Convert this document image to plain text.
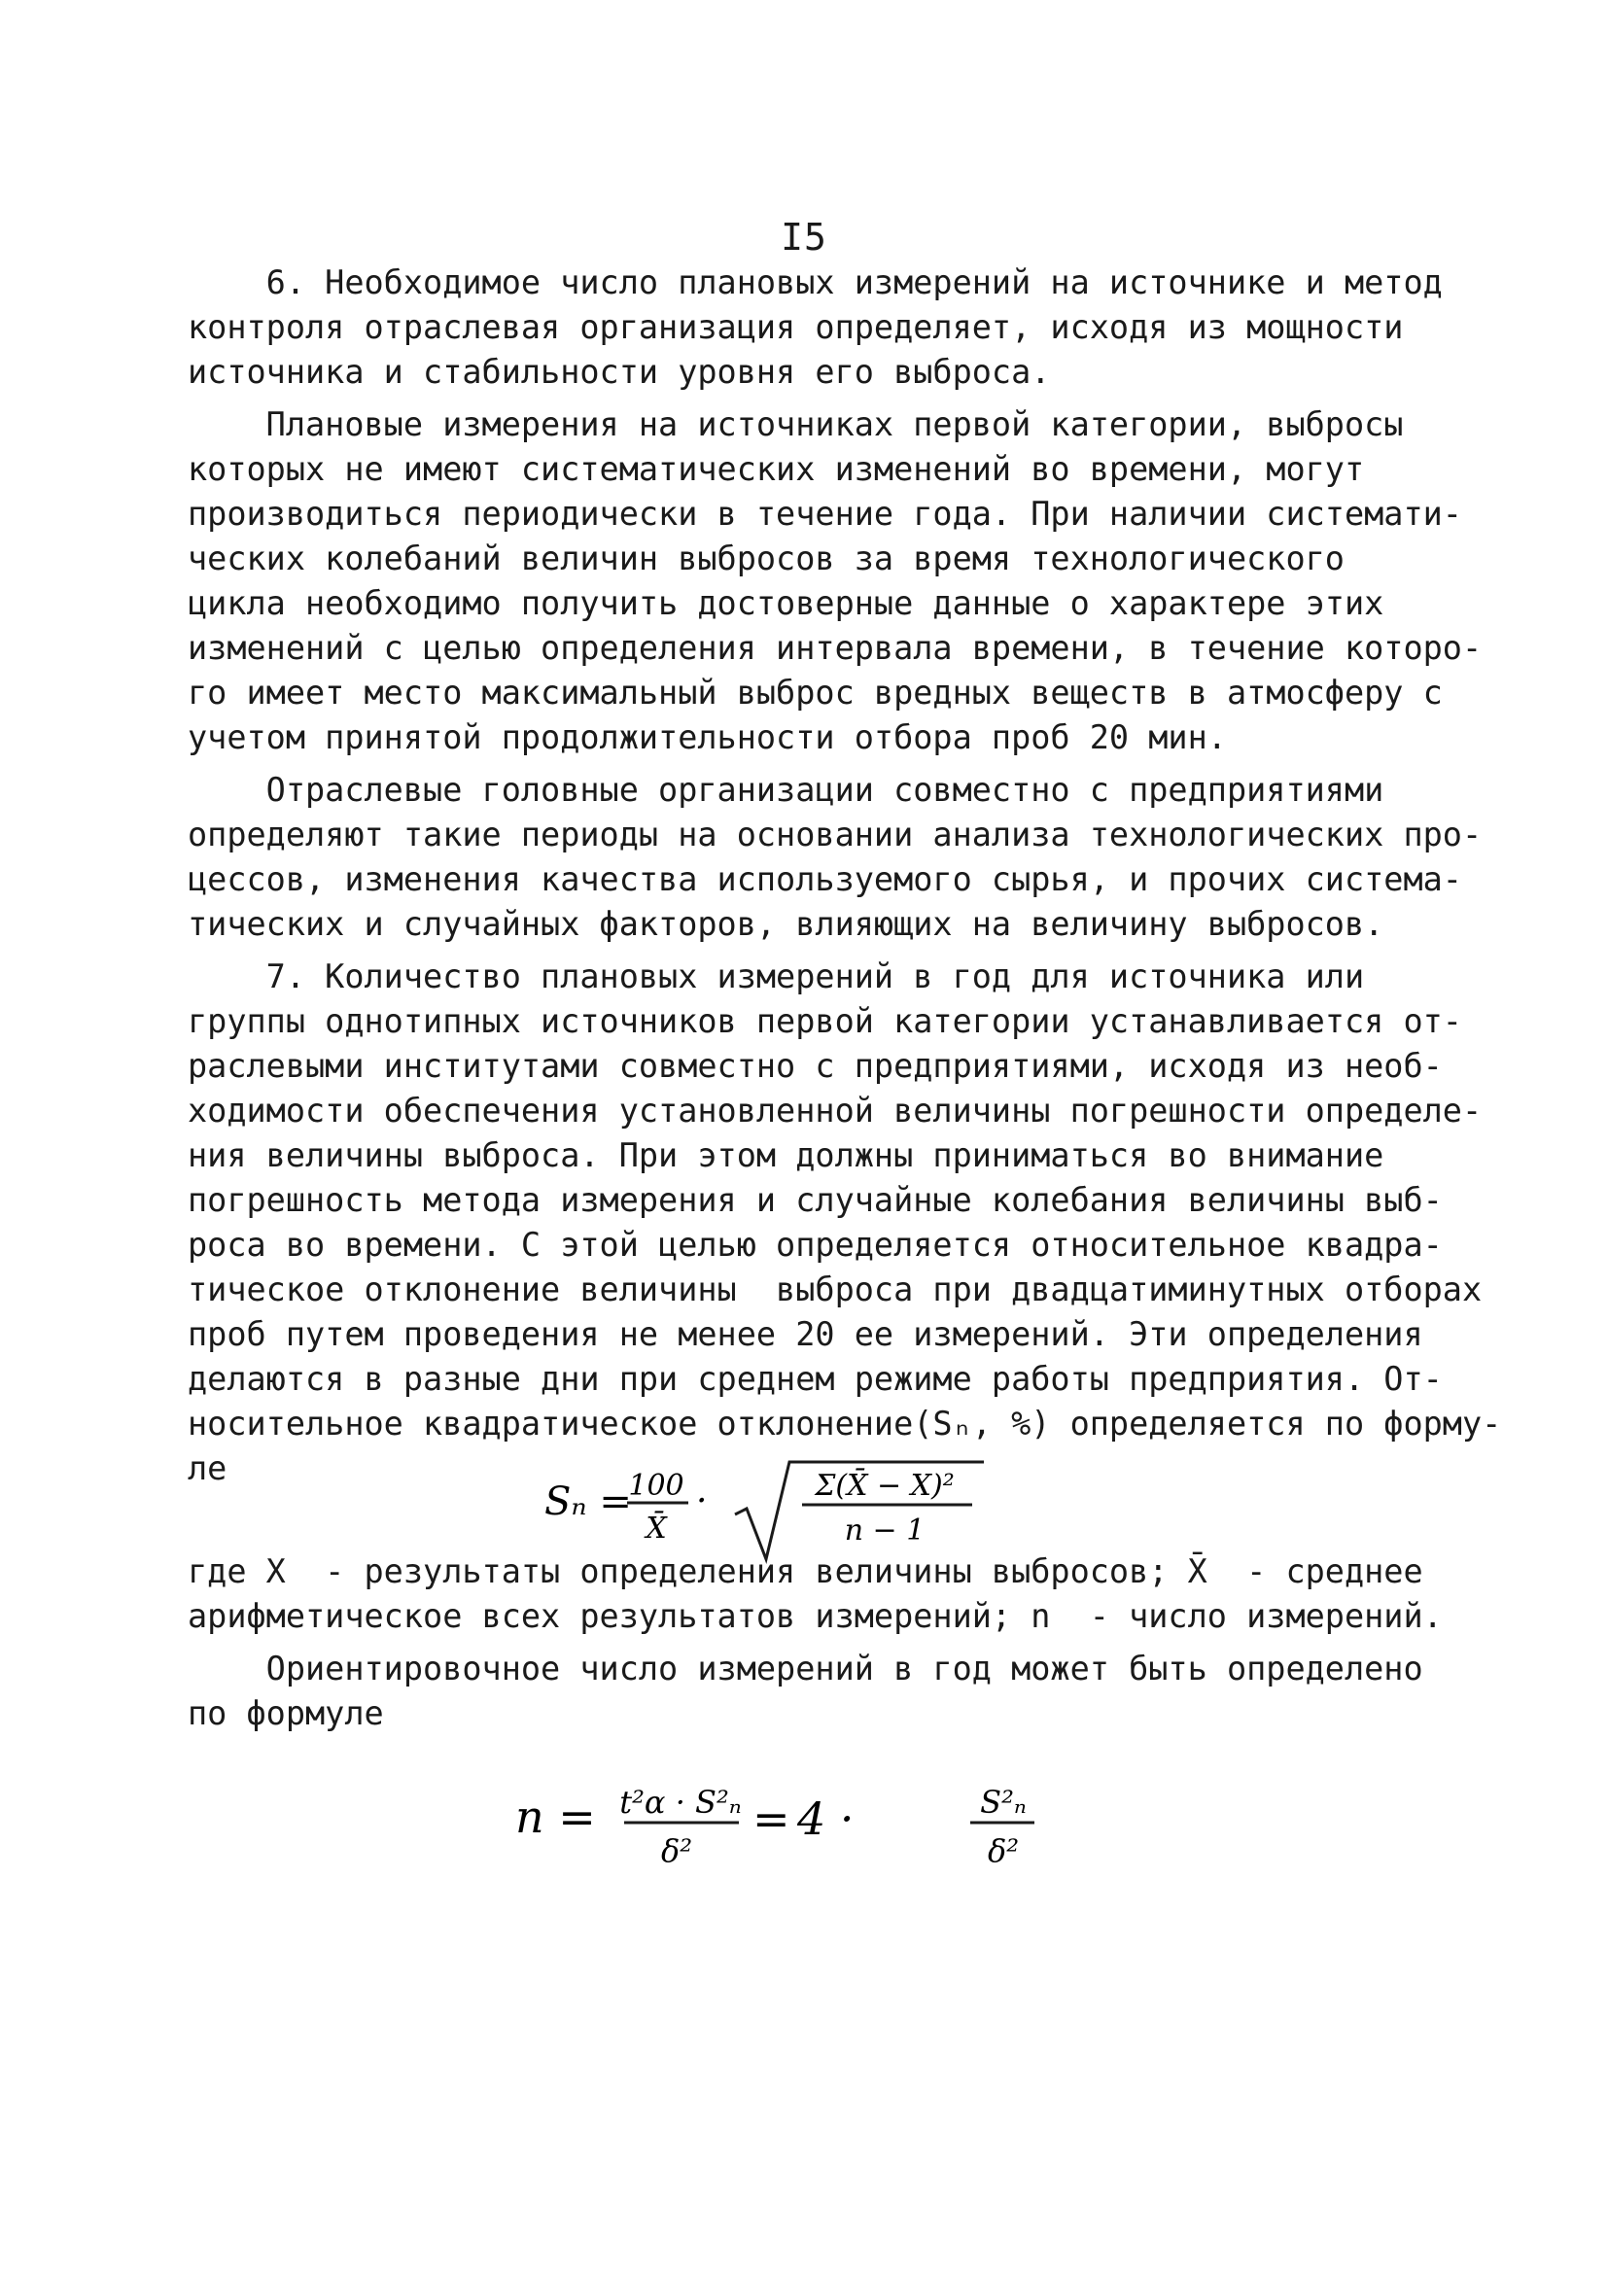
I5
6. Необходимое число плановых измерений на источнике и метод
контроля отраслевая организация определяет, исходя из мощности
источника и стабильности уровня его выброса.
Плановые измерения на источниках первой категории, выбросы
которых не имеют систематических изменений во времени, могут
производиться периодически в течение года. При наличии системати-
ческих колебаний величин выбросов за время технологического
цикла необходимо получить достоверные данные о характере этих
изменений с целью определения интервала времени, в течение которо-
го имеет место максимальный выброс вредных веществ в атмосферу с
учетом принятой продолжительности отбора проб 20 мин.
Отраслевые головные организации совместно с предприятиями
определяют такие периоды на основании анализа технологических про-
цессов, изменения качества используемого сырья, и прочих система-
тических и случайных факторов, влияющих на величину выбросов.
7. Количество плановых измерений в год для источника или
группы однотипных источников первой категории устанавливается от-
раслевыми институтами совместно с предприятиями, исходя из необ-
ходимости обеспечения установленной величины погрешности определе-
ния величины выброса. При этом должны приниматься во внимание
погрешность метода измерения и случайные колебания величины выб-
роса во времени. С этой целью определяется относительное квадра-
тическое отклонение величины  выброса при двадцатиминутных отборах
проб путем проведения не менее 20 ее измерений. Эти определения
делаются в разные дни при среднем режиме работы предприятия. От-
носительное квадратическое отклонение(Sₙ, %) определяется по форму-
ле
Sₙ =
100
X̄
·	Σ(X̄ − X)²
n − 1
где X  - результаты определения величины выбросов; X̄  - среднее
арифметическое всех результатов измерений; n  - число измерений.
Ориентировочное число измерений в год может быть определено
по формуле
n = t²α · S²ₙ
δ²
= 4 ·	S²ₙ
δ²
